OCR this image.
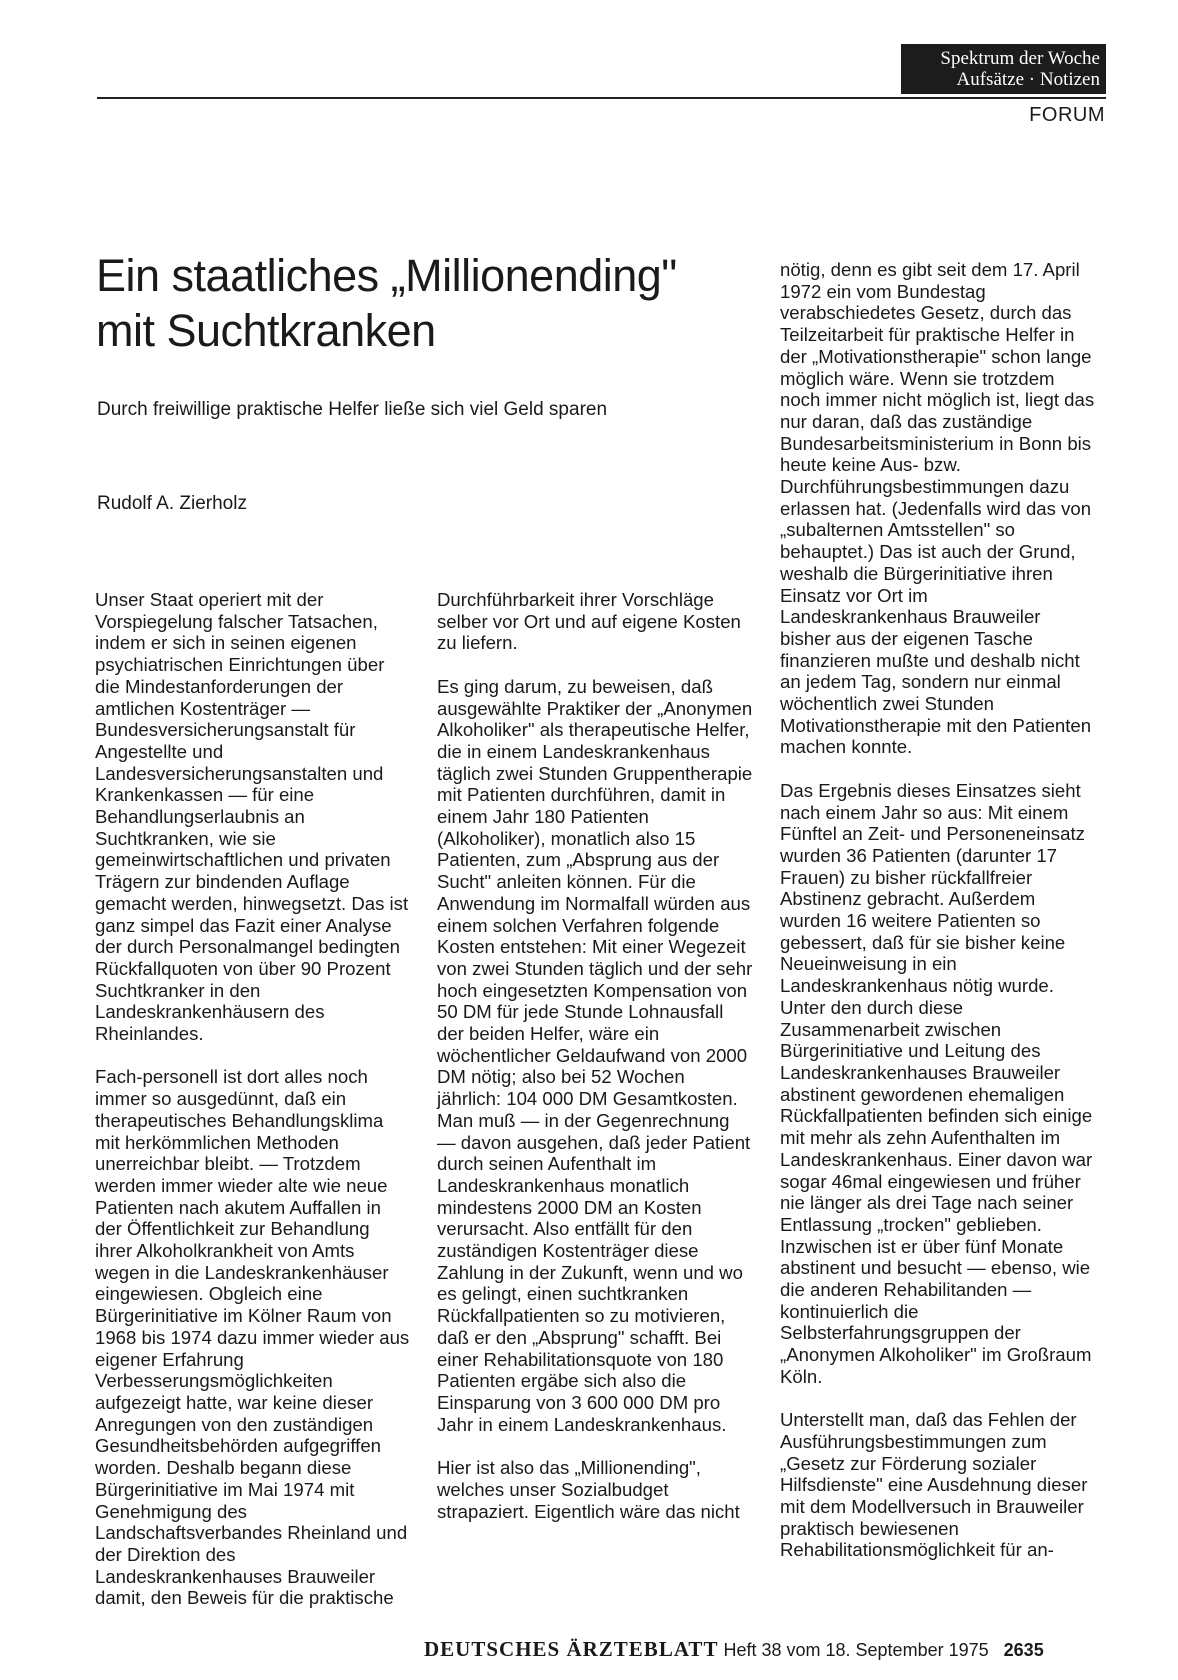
Spektrum der Woche
Aufsätze · Notizen
FORUM
Ein staatliches „Millionending"
mit Suchtkranken
Durch freiwillige praktische Helfer ließe sich viel Geld sparen
Rudolf A. Zierholz

Unser Staat operiert mit der Vorspiegelung falscher Tatsachen, indem er sich in seinen eigenen psychiatrischen Einrichtungen über die Mindestanforderungen der amtlichen Kostenträger — Bundesversicherungsanstalt für Angestellte und Landesversicherungsanstalten und Krankenkassen — für eine Behandlungserlaubnis an Suchtkranken, wie sie gemeinwirtschaftlichen und privaten Trägern zur bindenden Auflage gemacht werden, hinwegsetzt. Das ist ganz simpel das Fazit einer Analyse der durch Personalmangel bedingten Rückfallquoten von über 90 Prozent Suchtkranker in den Landeskrankenhäusern des Rheinlandes.

Fach-personell ist dort alles noch immer so ausgedünnt, daß ein therapeutisches Behandlungsklima mit herkömmlichen Methoden unerreichbar bleibt. — Trotzdem werden immer wieder alte wie neue Patienten nach akutem Auffallen in der Öffentlichkeit zur Behandlung ihrer Alkoholkrankheit von Amts wegen in die Landeskrankenhäuser eingewiesen. Obgleich eine Bürgerinitiative im Kölner Raum von 1968 bis 1974 dazu immer wieder aus eigener Erfahrung Verbesserungsmöglichkeiten aufgezeigt hatte, war keine dieser Anregungen von den zuständigen Gesundheitsbehörden aufgegriffen worden. Deshalb begann diese Bürgerinitiative im Mai 1974 mit Genehmigung des Landschaftsverbandes Rheinland und der Direktion des Landeskrankenhauses Brauweiler damit, den Beweis für die praktische

Durchführbarkeit ihrer Vorschläge selber vor Ort und auf eigene Kosten zu liefern.

Es ging darum, zu beweisen, daß ausgewählte Praktiker der „Anonymen Alkoholiker" als therapeutische Helfer, die in einem Landeskrankenhaus täglich zwei Stunden Gruppentherapie mit Patienten durchführen, damit in einem Jahr 180 Patienten (Alkoholiker), monatlich also 15 Patienten, zum „Absprung aus der Sucht" anleiten können. Für die Anwendung im Normalfall würden aus einem solchen Verfahren folgende Kosten entstehen: Mit einer Wegezeit von zwei Stunden täglich und der sehr hoch eingesetzten Kompensation von 50 DM für jede Stunde Lohnausfall der beiden Helfer, wäre ein wöchentlicher Geldaufwand von 2000 DM nötig; also bei 52 Wochen jährlich: 104 000 DM Gesamtkosten. Man muß — in der Gegenrechnung — davon ausgehen, daß jeder Patient durch seinen Aufenthalt im Landeskrankenhaus monatlich mindestens 2000 DM an Kosten verursacht. Also entfällt für den zuständigen Kostenträger diese Zahlung in der Zukunft, wenn und wo es gelingt, einen suchtkranken Rückfallpatienten so zu motivieren, daß er den „Absprung" schafft. Bei einer Rehabilitationsquote von 180 Patienten ergäbe sich also die Einsparung von 3 600 000 DM pro Jahr in einem Landeskrankenhaus.

Hier ist also das „Millionending", welches unser Sozialbudget strapaziert. Eigentlich wäre das nicht

nötig, denn es gibt seit dem 17. April 1972 ein vom Bundestag verabschiedetes Gesetz, durch das Teilzeitarbeit für praktische Helfer in der „Motivationstherapie" schon lange möglich wäre. Wenn sie trotzdem noch immer nicht möglich ist, liegt das nur daran, daß das zuständige Bundesarbeitsministerium in Bonn bis heute keine Aus- bzw. Durchführungsbestimmungen dazu erlassen hat. (Jedenfalls wird das von „subalternen Amtsstellen" so behauptet.) Das ist auch der Grund, weshalb die Bürgerinitiative ihren Einsatz vor Ort im Landeskrankenhaus Brauweiler bisher aus der eigenen Tasche finanzieren mußte und deshalb nicht an jedem Tag, sondern nur einmal wöchentlich zwei Stunden Motivationstherapie mit den Patienten machen konnte.

Das Ergebnis dieses Einsatzes sieht nach einem Jahr so aus: Mit einem Fünftel an Zeit- und Personeneinsatz wurden 36 Patienten (darunter 17 Frauen) zu bisher rückfallfreier Abstinenz gebracht. Außerdem wurden 16 weitere Patienten so gebessert, daß für sie bisher keine Neueinweisung in ein Landeskrankenhaus nötig wurde. Unter den durch diese Zusammenarbeit zwischen Bürgerinitiative und Leitung des Landeskrankenhauses Brauweiler abstinent gewordenen ehemaligen Rückfallpatienten befinden sich einige mit mehr als zehn Aufenthalten im Landeskrankenhaus. Einer davon war sogar 46mal eingewiesen und früher nie länger als drei Tage nach seiner Entlassung „trocken" geblieben. Inzwischen ist er über fünf Monate abstinent und besucht — ebenso, wie die anderen Rehabilitanden — kontinuierlich die Selbsterfahrungsgruppen der „Anonymen Alkoholiker" im Großraum Köln.

Unterstellt man, daß das Fehlen der Ausführungsbestimmungen zum „Gesetz zur Förderung sozialer Hilfsdienste" eine Ausdehnung dieser mit dem Modellversuch in Brauweiler praktisch bewiesenen Rehabilitationsmöglichkeit für an-

DEUTSCHES ÄRZTEBLATT Heft 38 vom 18. September 1975 2635
